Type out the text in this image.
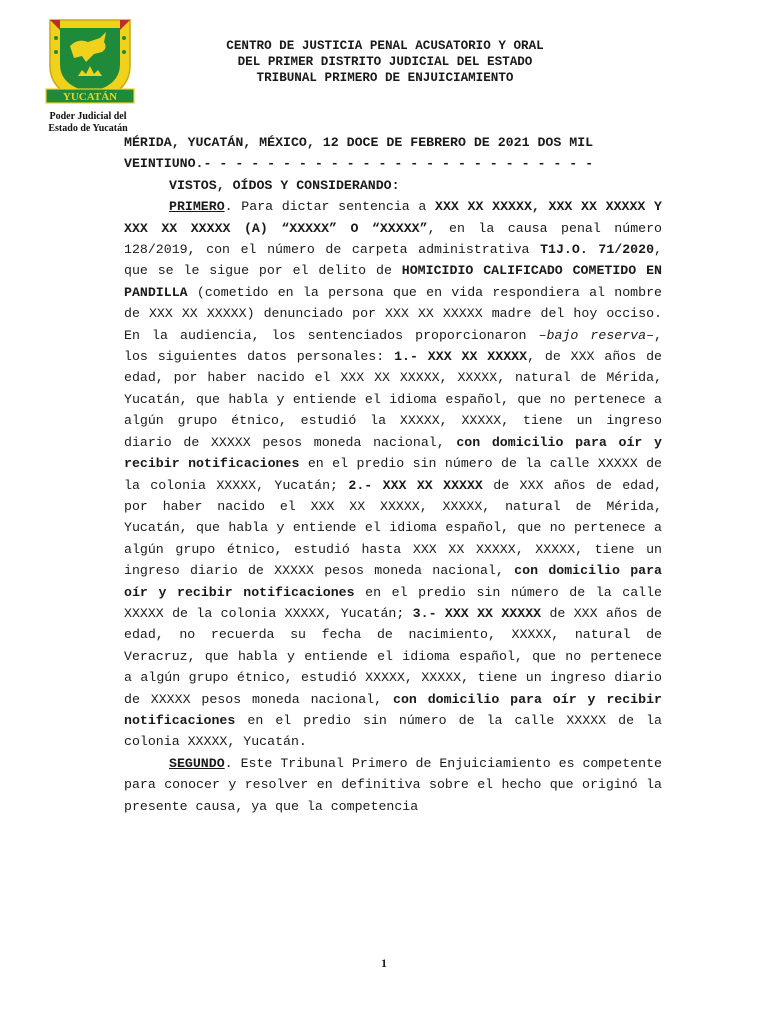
YUCATÁN
Poder Judicial del
Estado de Yucatán
CENTRO DE JUSTICIA PENAL ACUSATORIO Y ORAL
DEL PRIMER DISTRITO JUDICIAL DEL ESTADO
TRIBUNAL PRIMERO DE ENJUICIAMIENTO

MÉRIDA, YUCATÁN, MÉXICO, 12 DOCE DE FEBRERO DE 2021 DOS MIL
VEINTIUNO.- - - - - - - - - - - - - - - - - - - - - - - - -

VISTOS, OÍDOS Y CONSIDERANDO:

PRIMERO. Para dictar sentencia a XXX XX XXXXX, XXX XX XXXXX Y XXX XX XXXXX (A) “XXXXX” O “XXXXX”, en la causa penal número 128/2019, con el número de carpeta administrativa T1J.O. 71/2020, que se le sigue por el delito de HOMICIDIO CALIFICADO COMETIDO EN PANDILLA (cometido en la persona que en vida respondiera al nombre de XXX XX XXXXX) denunciado por XXX XX XXXXX madre del hoy occiso. En la audiencia, los sentenciados proporcionaron –bajo reserva–, los siguientes datos personales: 1.- XXX XX XXXXX, de XXX años de edad, por haber nacido el XXX XX XXXXX, XXXXX, natural de Mérida, Yucatán, que habla y entiende el idioma español, que no pertenece a algún grupo étnico, estudió la XXXXX, XXXXX, tiene un ingreso diario de XXXXX pesos moneda nacional, con domicilio para oír y recibir notificaciones en el predio sin número de la calle XXXXX de la colonia XXXXX, Yucatán; 2.- XXX XX XXXXX de XXX años de edad, por haber nacido el XXX XX XXXXX, XXXXX, natural de Mérida, Yucatán, que habla y entiende el idioma español, que no pertenece a algún grupo étnico, estudió hasta XXX XX XXXXX, XXXXX, tiene un ingreso diario de XXXXX pesos moneda nacional, con domicilio para oír y recibir notificaciones en el predio sin número de la calle XXXXX de la colonia XXXXX, Yucatán; 3.- XXX XX XXXXX de XXX años de edad, no recuerda su fecha de nacimiento, XXXXX, natural de Veracruz, que habla y entiende el idioma español, que no pertenece a algún grupo étnico, estudió XXXXX, XXXXX, tiene un ingreso diario de XXXXX pesos moneda nacional, con domicilio para oír y recibir notificaciones en el predio sin número de la calle XXXXX de la colonia XXXXX, Yucatán.

SEGUNDO. Este Tribunal Primero de Enjuiciamiento es competente para conocer y resolver en definitiva sobre el hecho que originó la presente causa, ya que la competencia

1
